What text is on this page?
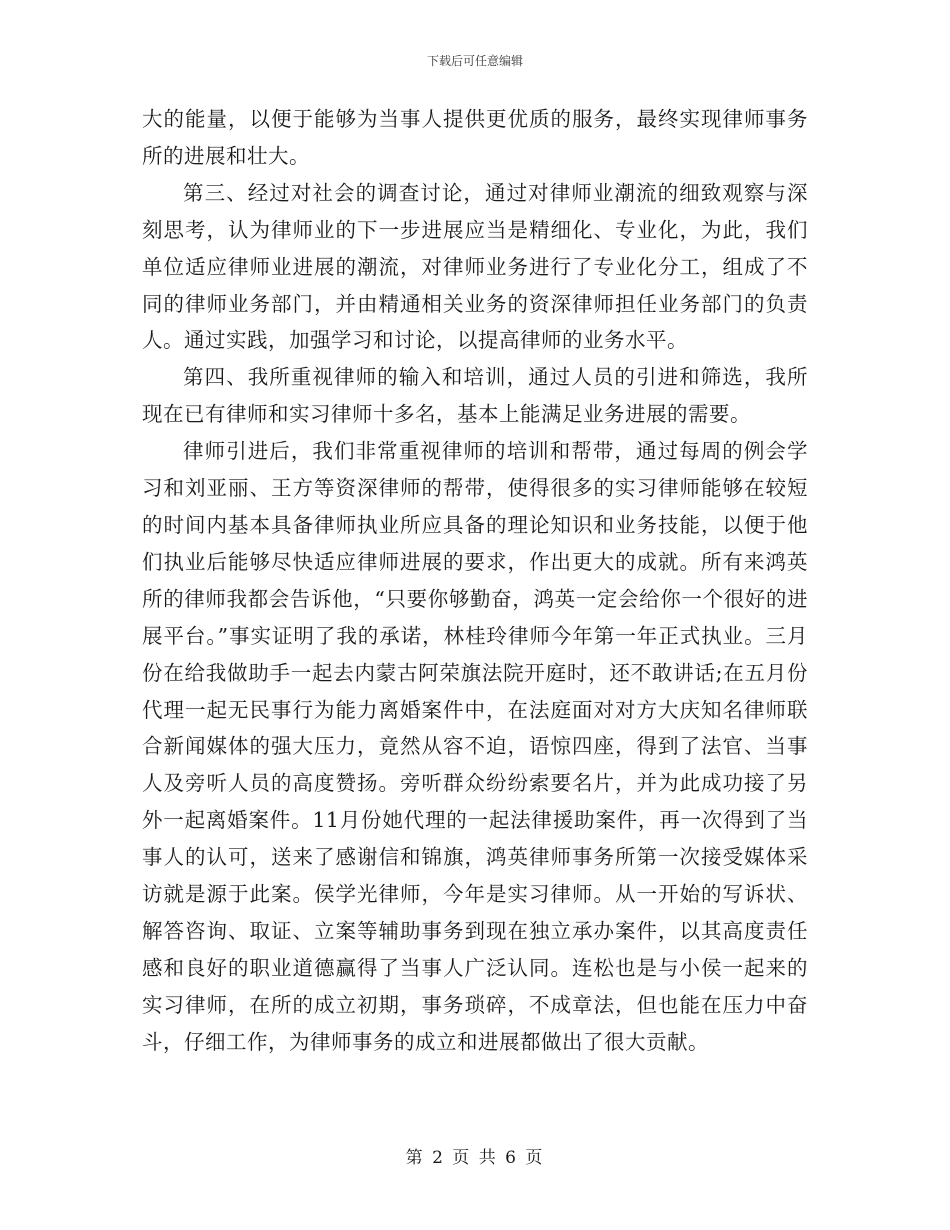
下载后可任意编辑

大的能量，以便于能够为当事人提供更优质的服务，最终实现律师事务所的进展和壮大。

第三、经过对社会的调查讨论，通过对律师业潮流的细致观察与深刻思考，认为律师业的下一步进展应当是精细化、专业化，为此，我们单位适应律师业进展的潮流，对律师业务进行了专业化分工，组成了不同的律师业务部门，并由精通相关业务的资深律师担任业务部门的负责人。通过实践，加强学习和讨论，以提高律师的业务水平。

第四、我所重视律师的输入和培训，通过人员的引进和筛选，我所现在已有律师和实习律师十多名，基本上能满足业务进展的需要。

律师引进后，我们非常重视律师的培训和帮带，通过每周的例会学习和刘亚丽、王方等资深律师的帮带，使得很多的实习律师能够在较短的时间内基本具备律师执业所应具备的理论知识和业务技能，以便于他们执业后能够尽快适应律师进展的要求，作出更大的成就。所有来鸿英所的律师我都会告诉他，“只要你够勤奋，鸿英一定会给你一个很好的进展平台。”事实证明了我的承诺，林桂玲律师今年第一年正式执业。三月份在给我做助手一起去内蒙古阿荣旗法院开庭时，还不敢讲话;在五月份代理一起无民事行为能力离婚案件中，在法庭面对对方大庆知名律师联合新闻媒体的强大压力，竟然从容不迫，语惊四座，得到了法官、当事人及旁听人员的高度赞扬。旁听群众纷纷索要名片，并为此成功接了另外一起离婚案件。11月份她代理的一起法律援助案件，再一次得到了当事人的认可，送来了感谢信和锦旗，鸿英律师事务所第一次接受媒体采访就是源于此案。侯学光律师，今年是实习律师。从一开始的写诉状、解答咨询、取证、立案等辅助事务到现在独立承办案件，以其高度责任感和良好的职业道德赢得了当事人广泛认同。连松也是与小侯一起来的实习律师，在所的成立初期，事务琐碎，不成章法，但也能在压力中奋斗，仔细工作，为律师事务的成立和进展都做出了很大贡献。

第 2 页 共 6 页
